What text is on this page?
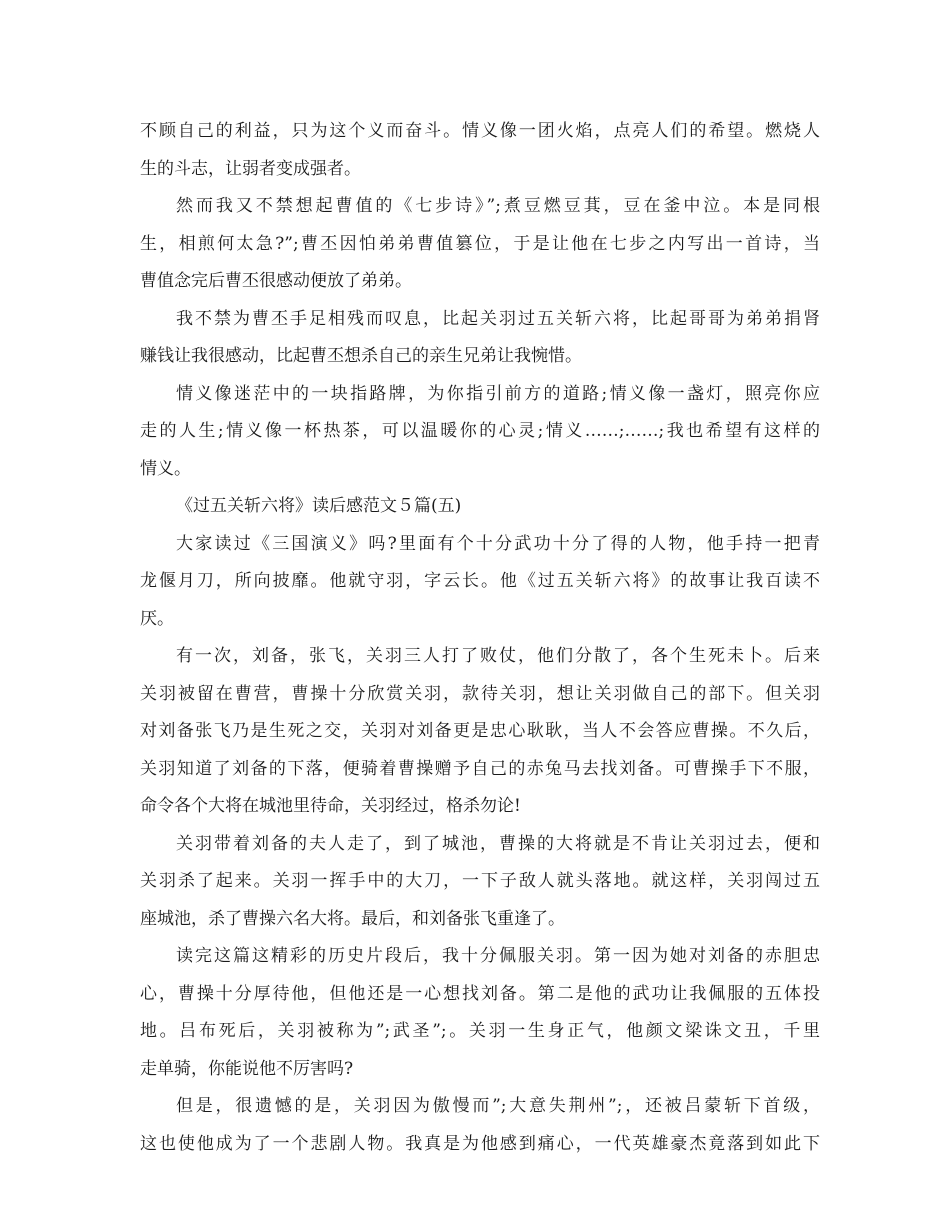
不顾自己的利益，只为这个义而奋斗。情义像一团火焰，点亮人们的希望。燃烧人
生的斗志，让弱者变成强者。
然而我又不禁想起曹值的《七步诗》”;煮豆燃豆萁，豆在釜中泣。本是同根
生，相煎何太急?”;曹丕因怕弟弟曹值篡位，于是让他在七步之内写出一首诗，当
曹值念完后曹丕很感动便放了弟弟。
我不禁为曹丕手足相残而叹息，比起关羽过五关斩六将，比起哥哥为弟弟捐肾
赚钱让我很感动，比起曹丕想杀自己的亲生兄弟让我惋惜。
情义像迷茫中的一块指路牌，为你指引前方的道路;情义像一盏灯，照亮你应
走的人生;情义像一杯热茶，可以温暖你的心灵;情义……;……;我也希望有这样的
情义。
《过五关斩六将》读后感范文５篇(五)
大家读过《三国演义》吗?里面有个十分武功十分了得的人物，他手持一把青
龙偃月刀，所向披靡。他就守羽，字云长。他《过五关斩六将》的故事让我百读不
厌。
有一次，刘备，张飞，关羽三人打了败仗，他们分散了，各个生死未卜。后来
关羽被留在曹营，曹操十分欣赏关羽，款待关羽，想让关羽做自己的部下。但关羽
对刘备张飞乃是生死之交，关羽对刘备更是忠心耿耿，当人不会答应曹操。不久后，
关羽知道了刘备的下落，便骑着曹操赠予自己的赤兔马去找刘备。可曹操手下不服，
命令各个大将在城池里待命，关羽经过，格杀勿论!
关羽带着刘备的夫人走了，到了城池，曹操的大将就是不肯让关羽过去，便和
关羽杀了起来。关羽一挥手中的大刀，一下子敌人就头落地。就这样，关羽闯过五
座城池，杀了曹操六名大将。最后，和刘备张飞重逢了。
读完这篇这精彩的历史片段后，我十分佩服关羽。第一因为她对刘备的赤胆忠
心，曹操十分厚待他，但他还是一心想找刘备。第二是他的武功让我佩服的五体投
地。吕布死后，关羽被称为”;武圣”;。关羽一生身正气，他颜文梁诛文丑，千里
走单骑，你能说他不厉害吗?
但是，很遗憾的是，关羽因为傲慢而”;大意失荆州”;，还被吕蒙斩下首级，
这也使他成为了一个悲剧人物。我真是为他感到痛心，一代英雄豪杰竟落到如此下
